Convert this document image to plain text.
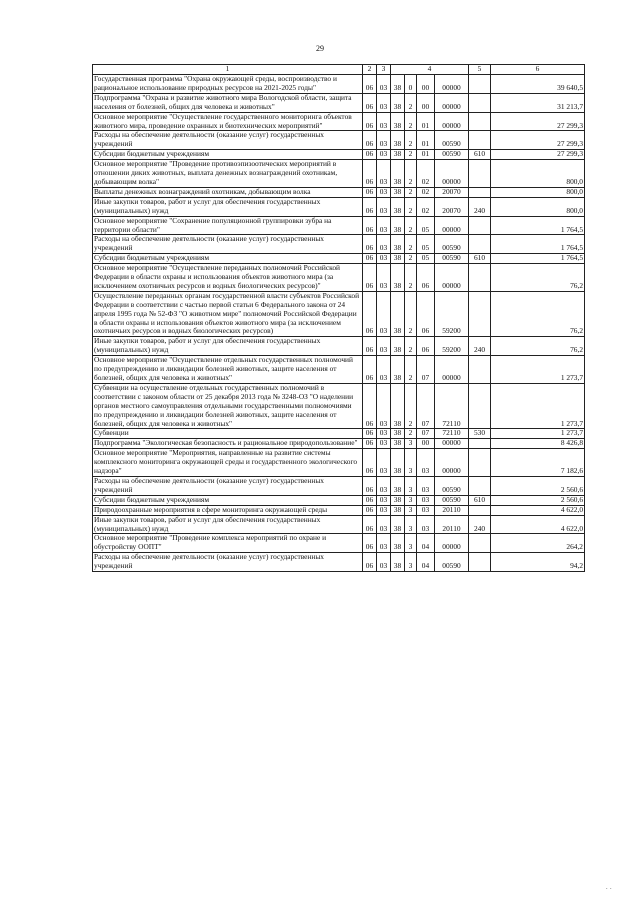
29
1	2	3	4				5	6
Государственная программа "Охрана окружающей среды, воспроизводство и рациональное использование природных ресурсов на 2021-2025 годы"	06	03	38	0	00	00000		39 640,5
Подпрограмма "Охрана и развитие животного мира Вологодской области, защита населения от болезней, общих для человека и животных"	06	03	38	2	00	00000		31 213,7
Основное мероприятие "Осуществление государственного мониторинга объектов животного мира, проведение охранных и биотехнических мероприятий"	06	03	38	2	01	00000		27 299,3
Расходы на обеспечение деятельности (оказание услуг) государственных учреждений	06	03	38	2	01	00590		27 299,3
Субсидии бюджетным учреждениям	06	03	38	2	01	00590	610	27 299,3
Основное мероприятие "Проведение противоэпизоотических мероприятий в отношении диких животных, выплата денежных вознаграждений охотникам, добывающим волка"	06	03	38	2	02	00000		800,0
Выплаты денежных вознаграждений охотникам, добывающим волка	06	03	38	2	02	20070		800,0
Иные закупки товаров, работ и услуг для обеспечения государственных (муниципальных) нужд	06	03	38	2	02	20070	240	800,0
Основное мероприятие "Сохранение популяционной группировки зубра на территории области"	06	03	38	2	05	00000		1 764,5
Расходы на обеспечение деятельности (оказание услуг) государственных учреждений	06	03	38	2	05	00590		1 764,5
Субсидии бюджетным учреждениям	06	03	38	2	05	00590	610	1 764,5
Основное мероприятие "Осуществление переданных полномочий Российской Федерации в области охраны и использования объектов животного мира (за исключением охотничьих ресурсов и водных биологических ресурсов)"	06	03	38	2	06	00000		76,2
Осуществление переданных органам государственной власти субъектов Российской Федерации в соответствии с частью первой статьи 6 Федерального закона от 24 апреля 1995 года № 52-ФЗ "О животном мире" полномочий Российской Федерации в области охраны и использования объектов животного мира (за исключением охотничьих ресурсов и водных биологических ресурсов)	06	03	38	2	06	59200		76,2
Иные закупки товаров, работ и услуг для обеспечения государственных (муниципальных) нужд	06	03	38	2	06	59200	240	76,2
Основное мероприятие "Осуществление отдельных государственных полномочий по предупреждению и ликвидации болезней животных, защите населения от болезней, общих для человека и животных"	06	03	38	2	07	00000		1 273,7
Субвенции на осуществление отдельных государственных полномочий в соответствии с законом области от 25 декабря 2013 года № 3248-ОЗ "О наделении органов местного самоуправления отдельными государственными полномочиями по предупреждению и ликвидации болезней животных, защите населения от болезней, общих для человека и животных"	06	03	38	2	07	72110		1 273,7
Субвенции	06	03	38	2	07	72110	530	1 273,7
Подпрограмма "Экологическая безопасность и рациональное природопользование"	06	03	38	3	00	00000		8 426,8
Основное мероприятие "Мероприятия, направленные на развитие системы комплексного мониторинга окружающей среды и государственного экологического надзора"	06	03	38	3	03	00000		7 182,6
Расходы на обеспечение деятельности (оказание услуг) государственных учреждений	06	03	38	3	03	00590		2 560,6
Субсидии бюджетным учреждениям	06	03	38	3	03	00590	610	2 560,6
Природоохранные мероприятия в сфере мониторинга окружающей среды	06	03	38	3	03	20110		4 622,0
Иные закупки товаров, работ и услуг для обеспечения государственных (муниципальных) нужд	06	03	38	3	03	20110	240	4 622,0
Основное мероприятие "Проведение комплекса мероприятий по охране и обустройству ООПТ"	06	03	38	3	04	00000		264,2
Расходы на обеспечение деятельности (оказание услуг) государственных учреждений	06	03	38	3	04	00590		94,2
· ·
